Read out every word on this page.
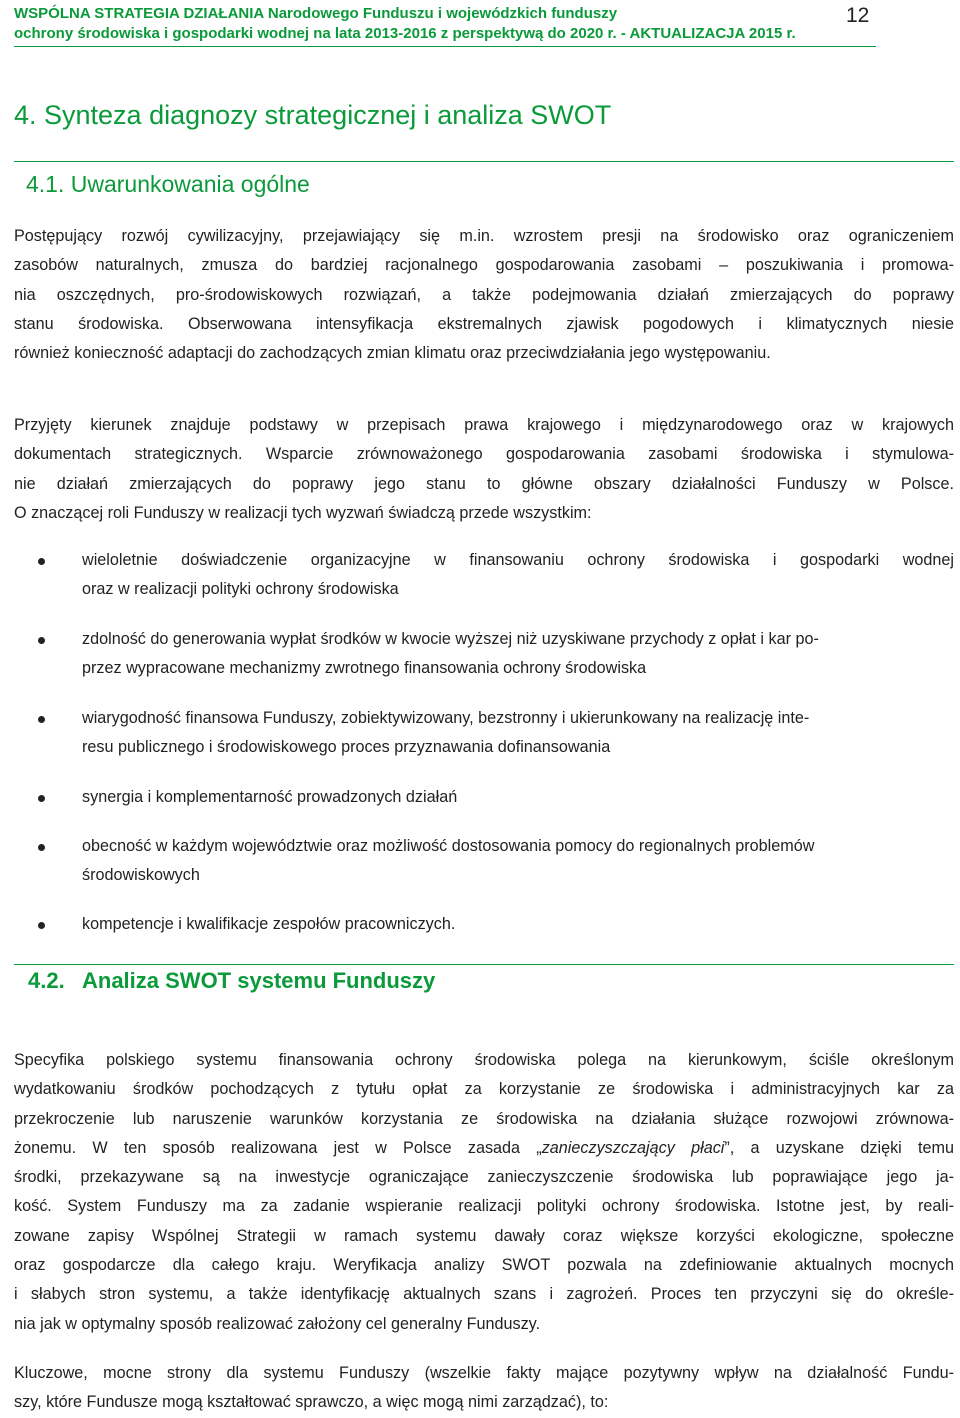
WSPÓLNA STRATEGIA DZIAŁANIA Narodowego Funduszu i wojewódzkich funduszy
ochrony środowiska i gospodarki wodnej na lata 2013-2016 z perspektywą do 2020 r. - AKTUALIZACJA 2015 r.
12
4. Synteza diagnozy strategicznej i analiza SWOT
4.1. Uwarunkowania ogólne
Postępujący rozwój cywilizacyjny, przejawiający się m.in. wzrostem presji na środowisko oraz ograniczeniem
zasobów naturalnych, zmusza do bardziej racjonalnego gospodarowania zasobami – poszukiwania i promowa-
nia oszczędnych, pro-środowiskowych rozwiązań, a także podejmowania działań zmierzających do poprawy
stanu środowiska. Obserwowana intensyfikacja ekstremalnych zjawisk pogodowych i klimatycznych niesie
również konieczność adaptacji do zachodzących zmian klimatu oraz przeciwdziałania jego występowaniu.
Przyjęty kierunek znajduje podstawy w przepisach prawa krajowego i międzynarodowego oraz w krajowych
dokumentach strategicznych. Wsparcie zrównoważonego gospodarowania zasobami środowiska i stymulowa-
nie działań zmierzających do poprawy jego stanu to główne obszary działalności Funduszy w Polsce.
O znaczącej roli Funduszy w realizacji tych wyzwań świadczą przede wszystkim:
wieloletnie doświadczenie organizacyjne w finansowaniu ochrony środowiska i gospodarki wodnej
oraz w realizacji polityki ochrony środowiska
zdolność do generowania wypłat środków w kwocie wyższej niż uzyskiwane przychody z opłat i kar po-
przez wypracowane mechanizmy zwrotnego finansowania ochrony środowiska
wiarygodność finansowa Funduszy, zobiektywizowany, bezstronny i ukierunkowany na realizację inte-
resu publicznego i środowiskowego proces przyznawania dofinansowania
synergia i komplementarność prowadzonych działań
obecność w każdym województwie oraz możliwość dostosowania pomocy do regionalnych problemów
środowiskowych
kompetencje i kwalifikacje zespołów pracowniczych.
4.2. Analiza SWOT systemu Funduszy
Specyfika polskiego systemu finansowania ochrony środowiska polega na kierunkowym, ściśle określonym
wydatkowaniu środków pochodzących z tytułu opłat za korzystanie ze środowiska i administracyjnych kar za
przekroczenie lub naruszenie warunków korzystania ze środowiska na działania służące rozwojowi zrównowa-
żonemu. W ten sposób realizowana jest w Polsce zasada „zanieczyszczający płaci”, a uzyskane dzięki temu
środki, przekazywane są na inwestycje ograniczające zanieczyszczenie środowiska lub poprawiające jego ja-
kość. System Funduszy ma za zadanie wspieranie realizacji polityki ochrony środowiska. Istotne jest, by reali-
zowane zapisy Wspólnej Strategii w ramach systemu dawały coraz większe korzyści ekologiczne, społeczne
oraz gospodarcze dla całego kraju. Weryfikacja analizy SWOT pozwala na zdefiniowanie aktualnych mocnych
i słabych stron systemu, a także identyfikację aktualnych szans i zagrożeń. Proces ten przyczyni się do określe-
nia jak w optymalny sposób realizować założony cel generalny Funduszy.
Kluczowe, mocne strony dla systemu Funduszy (wszelkie fakty mające pozytywny wpływ na działalność Fundu-
szy, które Fundusze mogą kształtować sprawczo, a więc mogą nimi zarządzać), to:
